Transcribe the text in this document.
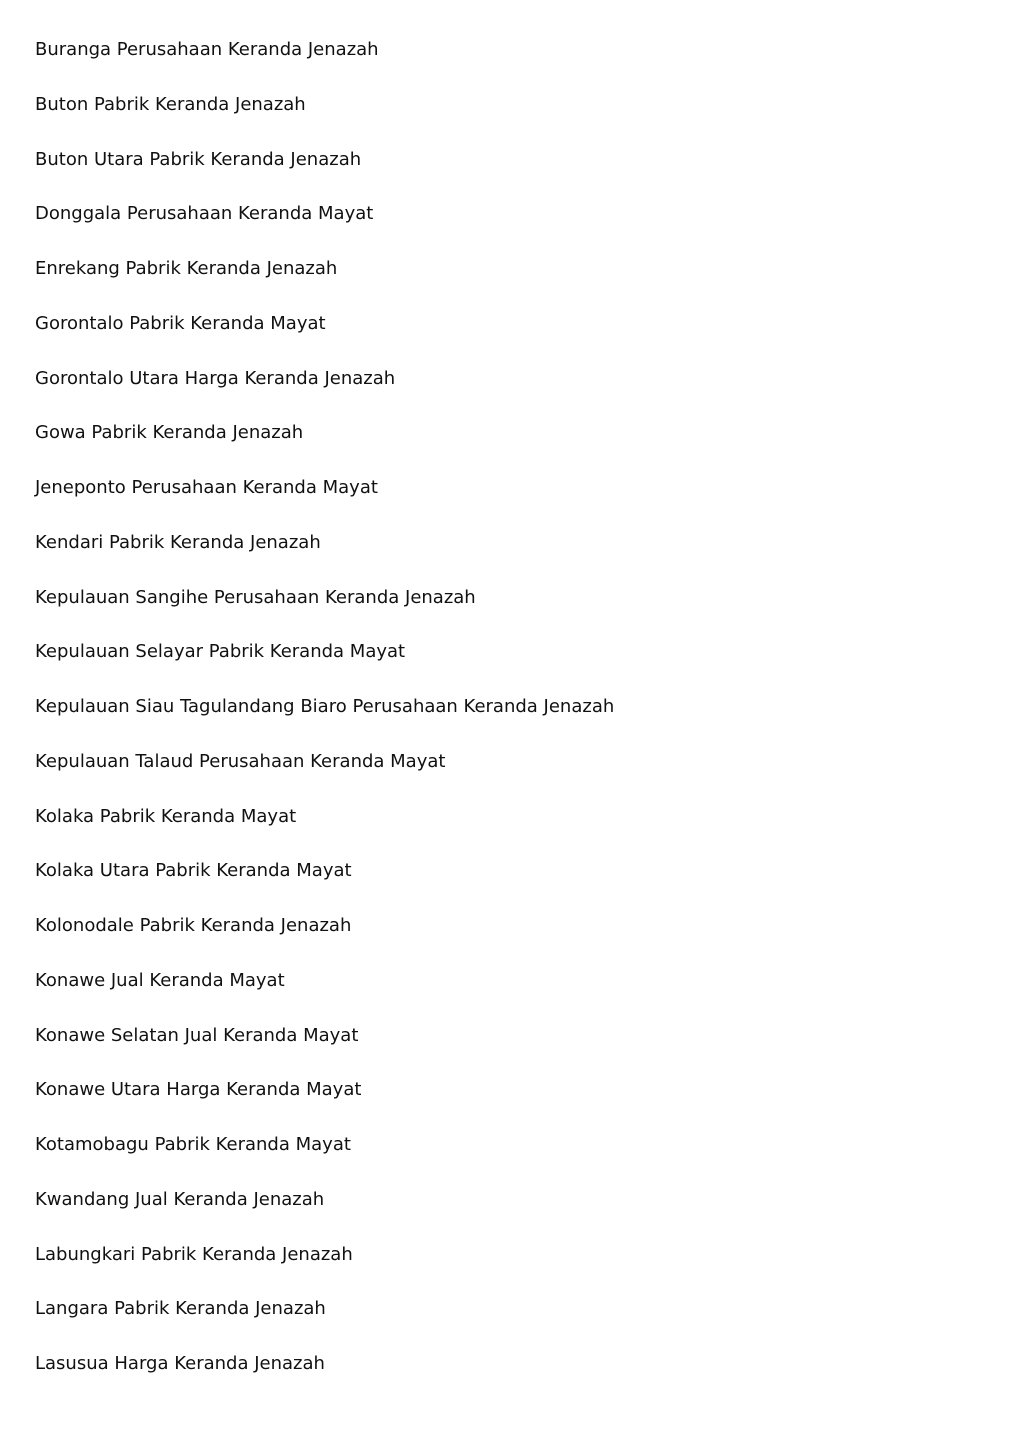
Buranga Perusahaan Keranda Jenazah
Buton Pabrik Keranda Jenazah
Buton Utara Pabrik Keranda Jenazah
Donggala Perusahaan Keranda Mayat
Enrekang Pabrik Keranda Jenazah
Gorontalo Pabrik Keranda Mayat
Gorontalo Utara Harga Keranda Jenazah
Gowa Pabrik Keranda Jenazah
Jeneponto Perusahaan Keranda Mayat
Kendari Pabrik Keranda Jenazah
Kepulauan Sangihe Perusahaan Keranda Jenazah
Kepulauan Selayar Pabrik Keranda Mayat
Kepulauan Siau Tagulandang Biaro Perusahaan Keranda Jenazah
Kepulauan Talaud Perusahaan Keranda Mayat
Kolaka Pabrik Keranda Mayat
Kolaka Utara Pabrik Keranda Mayat
Kolonodale Pabrik Keranda Jenazah
Konawe Jual Keranda Mayat
Konawe Selatan Jual Keranda Mayat
Konawe Utara Harga Keranda Mayat
Kotamobagu Pabrik Keranda Mayat
Kwandang Jual Keranda Jenazah
Labungkari Pabrik Keranda Jenazah
Langara Pabrik Keranda Jenazah
Lasusua Harga Keranda Jenazah
